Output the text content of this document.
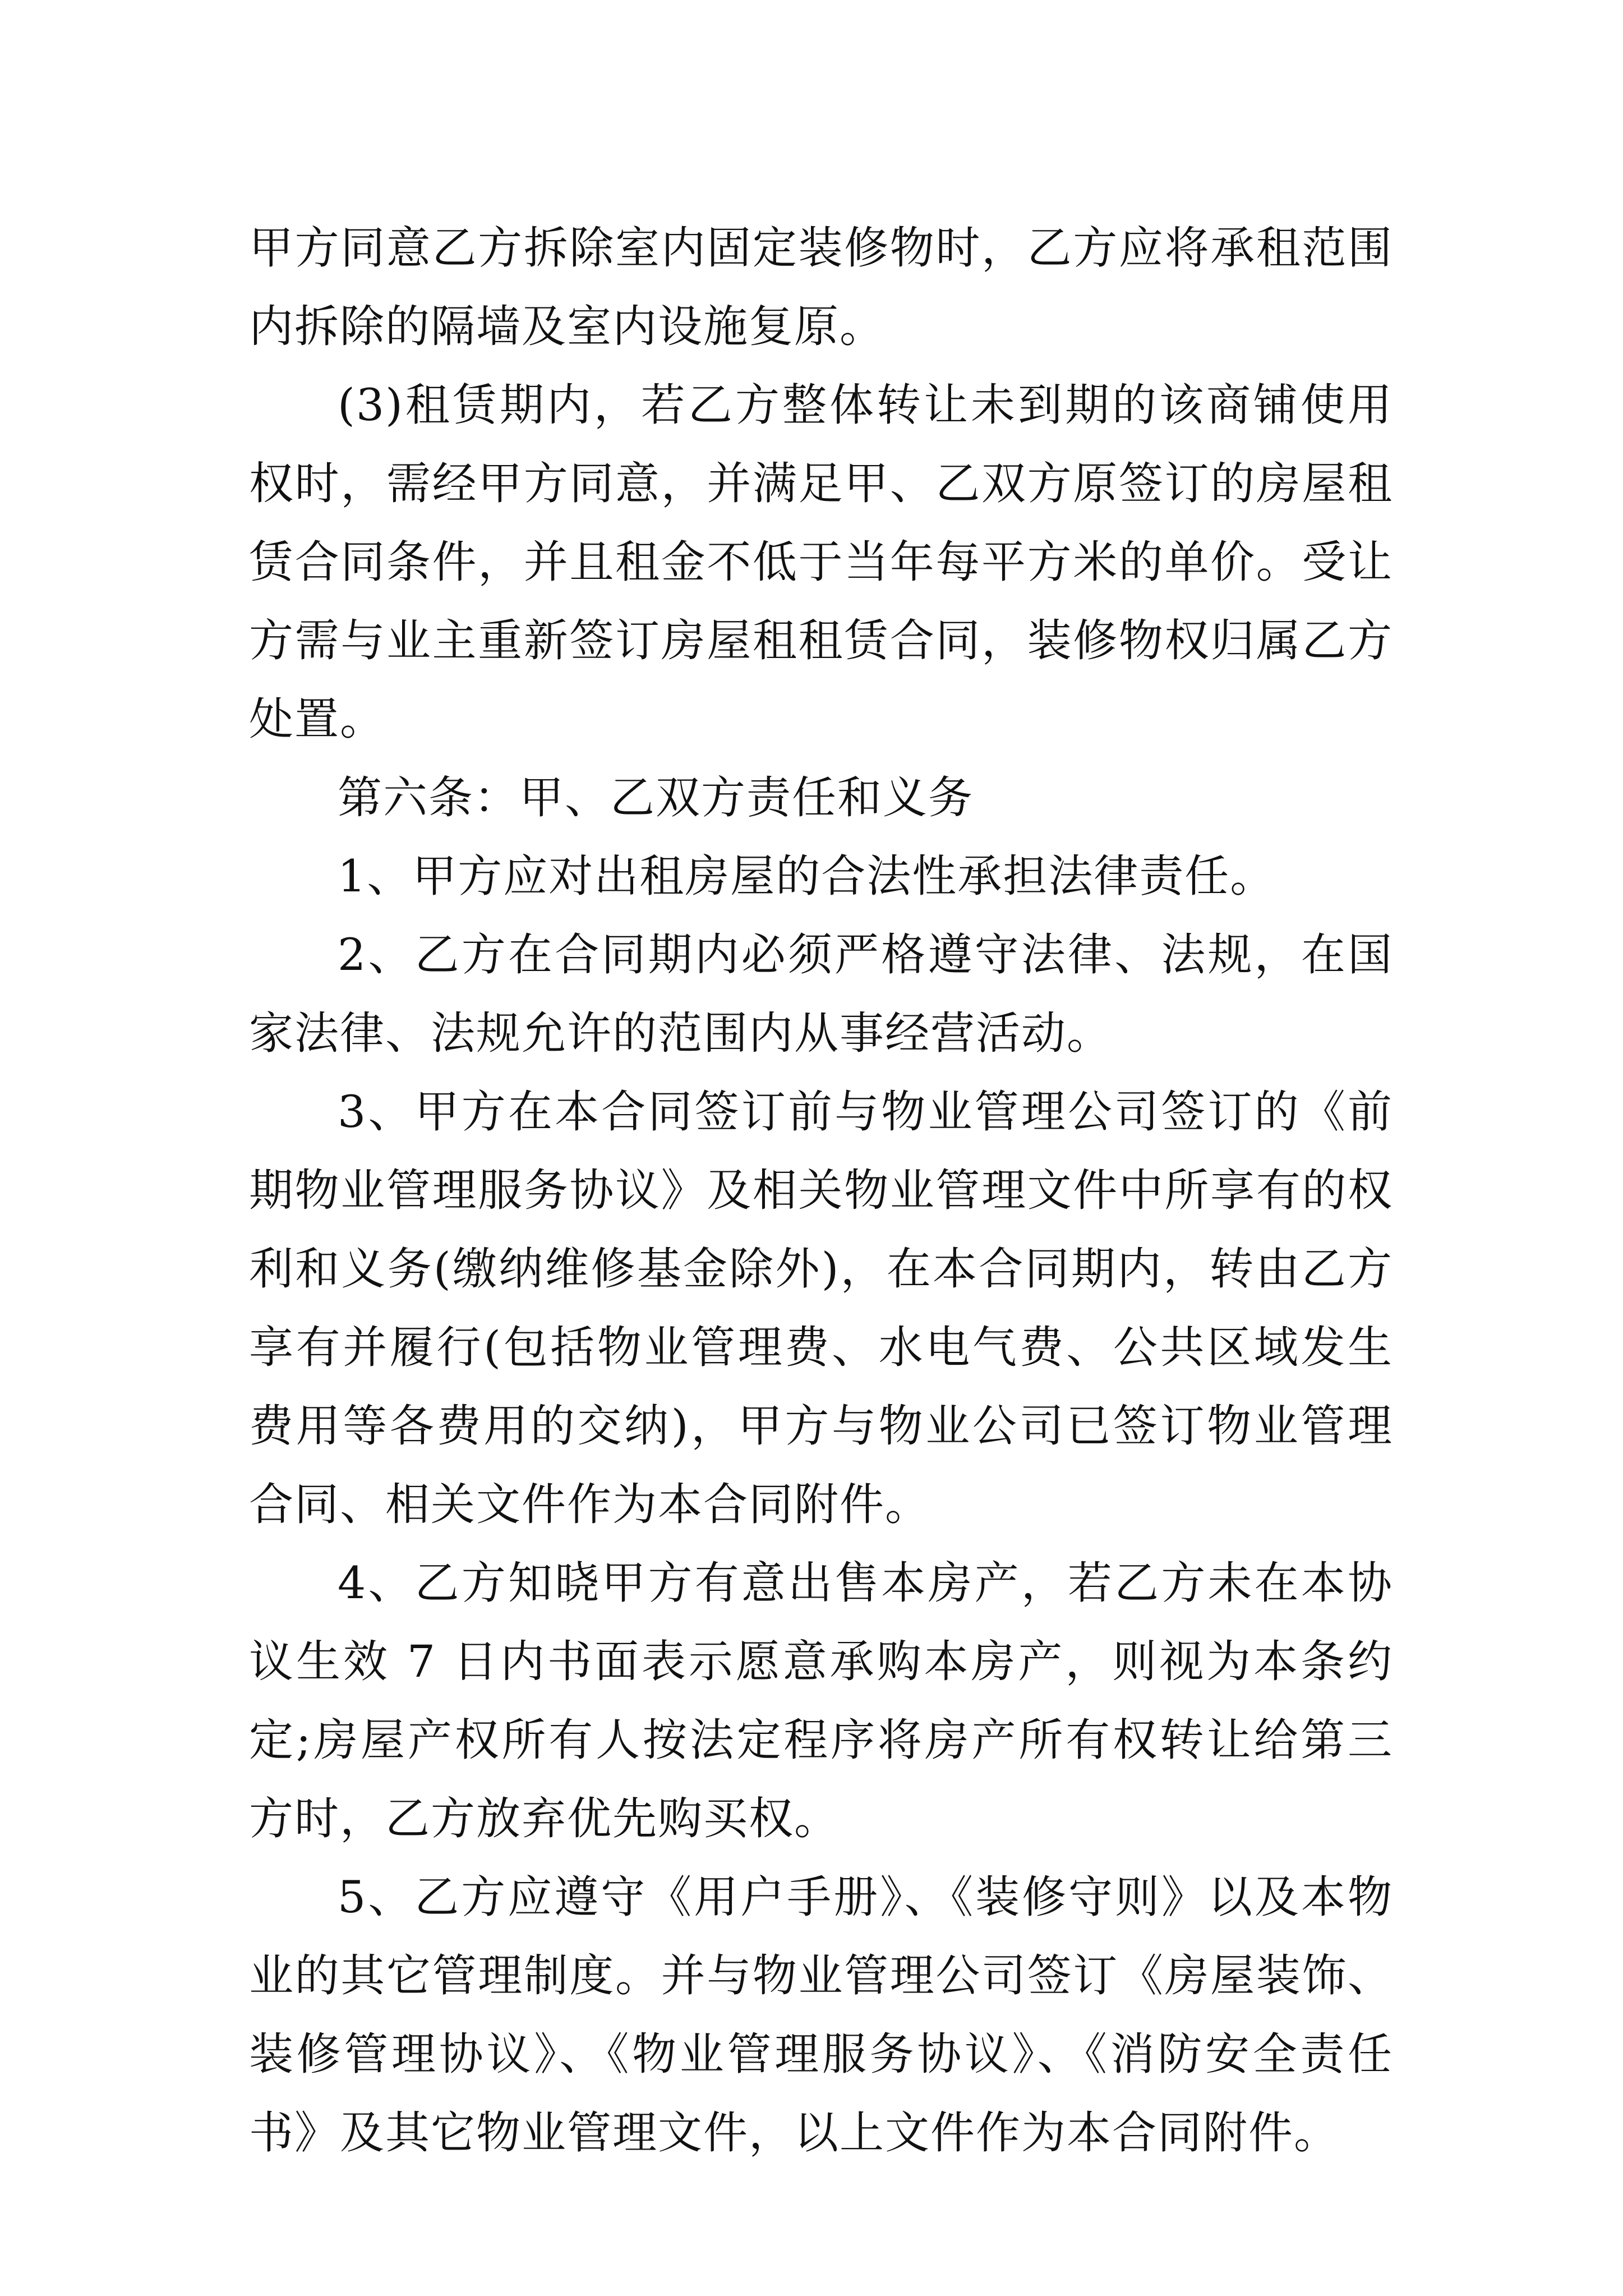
甲方同意乙方拆除室内固定装修物时，乙方应将承租范围内拆除的隔墙及室内设施复原。

(3)租赁期内，若乙方整体转让未到期的该商铺使用权时，需经甲方同意，并满足甲、乙双方原签订的房屋租赁合同条件，并且租金不低于当年每平方米的单价。受让方需与业主重新签订房屋租租赁合同，装修物权归属乙方处置。

第六条：甲、乙双方责任和义务

1、甲方应对出租房屋的合法性承担法律责任。

2、乙方在合同期内必须严格遵守法律、法规，在国家法律、法规允许的范围内从事经营活动。

3、甲方在本合同签订前与物业管理公司签订的《前期物业管理服务协议》及相关物业管理文件中所享有的权利和义务(缴纳维修基金除外)，在本合同期内，转由乙方享有并履行(包括物业管理费、水电气费、公共区域发生费用等各费用的交纳)，甲方与物业公司已签订物业管理合同、相关文件作为本合同附件。

4、乙方知晓甲方有意出售本房产，若乙方未在本协议生效 7 日内书面表示愿意承购本房产，则视为本条约定;房屋产权所有人按法定程序将房产所有权转让给第三方时，乙方放弃优先购买权。

5、乙方应遵守《用户手册》、《装修守则》以及本物业的其它管理制度。并与物业管理公司签订《房屋装饰、装修管理协议》、《物业管理服务协议》、《消防安全责任书》及其它物业管理文件，以上文件作为本合同附件。
